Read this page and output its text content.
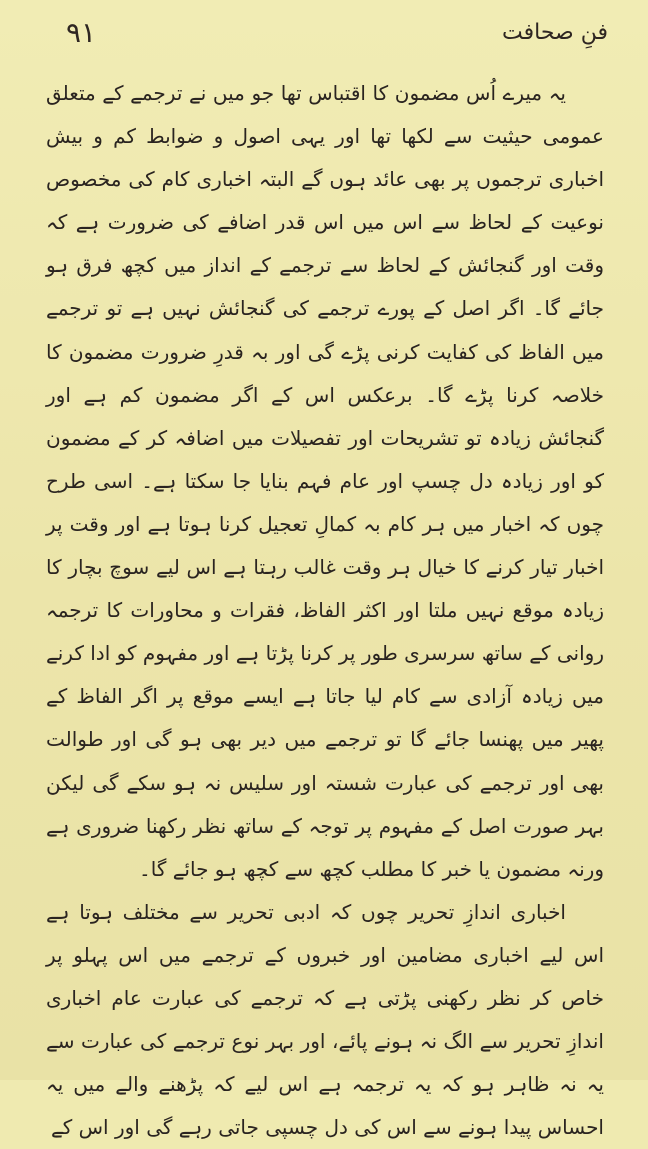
٩١	فنِ صحافت

یہ میرے اُس مضمون کا اقتباس تھا جو میں نے ترجمے کے متعلق عمومی حیثیت سے لکھا تھا اور یہی اصول و ضوابط کم و بیش اخباری ترجموں پر بھی عائد ہوں گے البتہ اخباری کام کی مخصوص نوعیت کے لحاظ سے اس میں اس قدر اضافے کی ضرورت ہے کہ وقت اور گنجائش کے لحاظ سے ترجمے کے انداز میں کچھ فرق ہو جائے گا۔ اگر اصل کے پورے ترجمے کی گنجائش نہیں ہے تو ترجمے میں الفاظ کی کفایت کرنی پڑے گی اور بہ قدرِ ضرورت مضمون کا خلاصہ کرنا پڑے گا۔ برعکس اس کے اگر مضمون کم ہے اور گنجائش زیادہ تو تشریحات اور تفصیلات میں اضافہ کر کے مضمون کو اور زیادہ دل چسپ اور عام فہم بنایا جا سکتا ہے۔ اسی طرح چوں کہ اخبار میں ہر کام بہ کمالِ تعجیل کرنا ہوتا ہے اور وقت پر اخبار تیار کرنے کا خیال ہر وقت غالب رہتا ہے اس لیے سوچ بچار کا زیادہ موقع نہیں ملتا اور اکثر الفاظ، فقرات و محاورات کا ترجمہ روانی کے ساتھ سرسری طور پر کرنا پڑتا ہے اور مفہوم کو ادا کرنے میں زیادہ آزادی سے کام لیا جاتا ہے ایسے موقع پر اگر الفاظ کے پھیر میں پھنسا جائے گا تو ترجمے میں دیر بھی ہو گی اور طوالت بھی اور ترجمے کی عبارت شستہ اور سلیس نہ ہو سکے گی لیکن بہر صورت اصل کے مفہوم پر توجہ کے ساتھ نظر رکھنا ضروری ہے ورنہ مضمون یا خبر کا مطلب کچھ سے کچھ ہو جائے گا۔

اخباری اندازِ تحریر چوں کہ ادبی تحریر سے مختلف ہوتا ہے اس لیے اخباری مضامین اور خبروں کے ترجمے میں اس پہلو پر خاص کر نظر رکھنی پڑتی ہے کہ ترجمے کی عبارت عام اخباری اندازِ تحریر سے الگ نہ ہونے پائے، اور بہر نوع ترجمے کی عبارت سے یہ نہ ظاہر ہو کہ یہ ترجمہ ہے اس لیے کہ پڑھنے والے میں یہ احساس پیدا ہونے سے اس کی دل چسپی جاتی رہے گی اور اس کے
